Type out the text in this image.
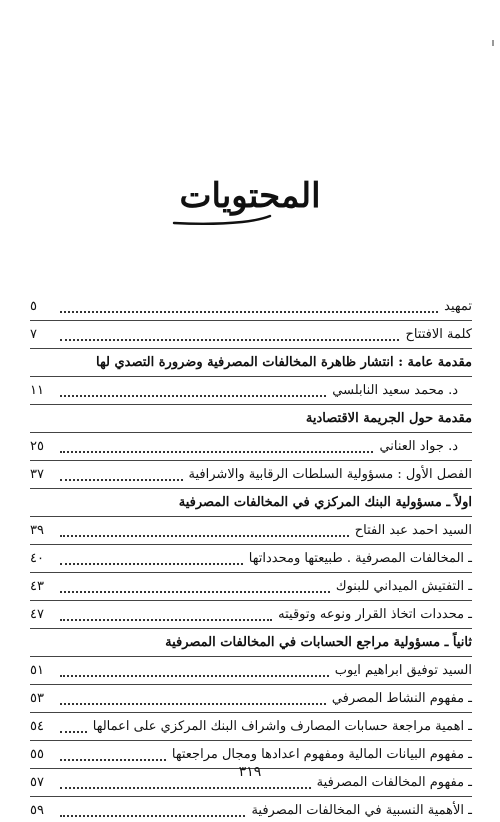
المحتويات
تمهيد
٥
كلمة الافتتاح
٧
مقدمة عامة : انتشار ظاهرة المخالفات المصرفية وضرورة التصدي لها
د. محمد سعيد النابلسي
١١
مقدمة حول الجريمة الاقتصادية
د. جواد العناني
٢٥
الفصل الأول : مسؤولية السلطات الرقابية والاشرافية
٣٧
اولاً ـ مسؤولية البنك المركزي في المخالفات المصرفية
السيد احمد عبد الفتاح
٣٩
ـ المخالفات المصرفية . طبيعتها ومحدداتها
٤٠
ـ التفتيش الميداني للبنوك
٤٣
ـ محددات اتخاذ القرار ونوعه وتوقيته
٤٧
ثانياً ـ مسؤولية مراجع الحسابات في المخالفات المصرفية
السيد توفيق ابراهيم ايوب
٥١
ـ مفهوم النشاط المصرفي
٥٣
ـ اهمية مراجعة حسابات المصارف واشراف البنك المركزي على اعمالها
٥٤
ـ مفهوم البيانات المالية ومفهوم اعدادها ومجال مراجعتها
٥٥
ـ مفهوم المخالفات المصرفية
٥٧
ـ الأهمية النسبية في المخالفات المصرفية
٥٩
٣١٩
